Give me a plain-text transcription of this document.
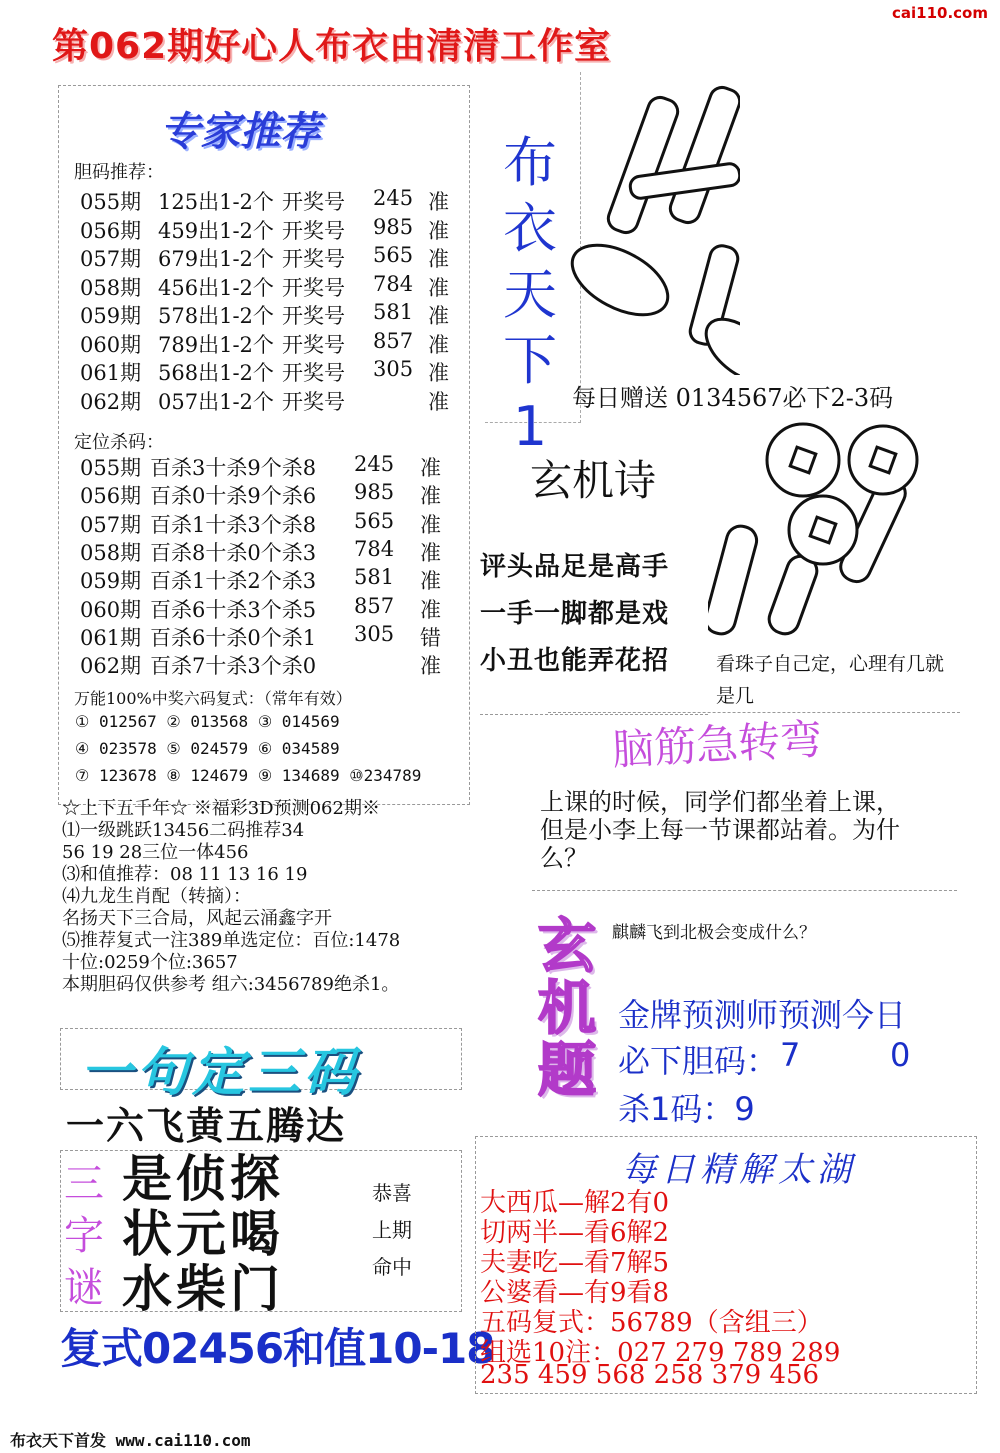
第062期好心人布衣由清清工作室
cai110.com
专家推荐
胆码推荐：
055期 125出1-2个 开奖号 245 准
056期 459出1-2个 开奖号 985 准
057期 679出1-2个 开奖号 565 准
058期 456出1-2个 开奖号 784 准
059期 578出1-2个 开奖号 581 准
060期 789出1-2个 开奖号 857 准
061期 568出1-2个 开奖号 305 准
062期 057出1-2个 开奖号	准
定位杀码：
055期 百杀3十杀9个杀8 245 准
056期 百杀0十杀9个杀6 985 准
057期 百杀1十杀3个杀8 565 准
058期 百杀8十杀0个杀3 784 准
059期 百杀1十杀2个杀3 581 准
060期 百杀6十杀3个杀5 857 准
061期 百杀6十杀0个杀1 305 错
062期 百杀7十杀3个杀0	准
万能100%中奖六码复式：（常年有效）
① 012567 ② 013568 ③ 014569
④ 023578 ⑤ 024579 ⑥ 034589
⑦ 123678 ⑧ 124679 ⑨ 134689 ⑩234789
☆上下五千年☆ ※福彩3D预测062期※
⑴一级跳跃13456二码推荐34
56 19 28三位一体456
⑶和值推荐：08 11 13 16 19
⑷九龙生肖配（转摘）：
名扬天下三合局，风起云涌鑫字开
⑸推荐复式一注389单选定位：百位:1478
十位:0259个位:3657
本期胆码仅供参考 组六:3456789绝杀1。
一句定三码
一六飞黄五腾达
三字谜
是侦探
状元喝
水柴门
恭喜上期命中
复式02456和值10-18
布衣天下首发 www.cai110.com
布衣天下1	每日赠送 0134567必下2-3码
玄机诗
评头品足是高手
一手一脚都是戏
小丑也能弄花招 看珠子自己定，心理有几就是几
脑筋急转弯
上课的时候，同学们都坐着上课，但是小李上每一节课都站着。为什么？
玄机题
麒麟飞到北极会变成什么？
金牌预测师预测今日
必下胆码： 7	0
杀1码：9
每日精解太湖
大西瓜—解2有0
切两半—看6解2
夫妻吃—看7解5
公婆看—有9看8
五码复式：56789（含组三）
组选10注：027 279 789 289
235 459 568 258 379 456
